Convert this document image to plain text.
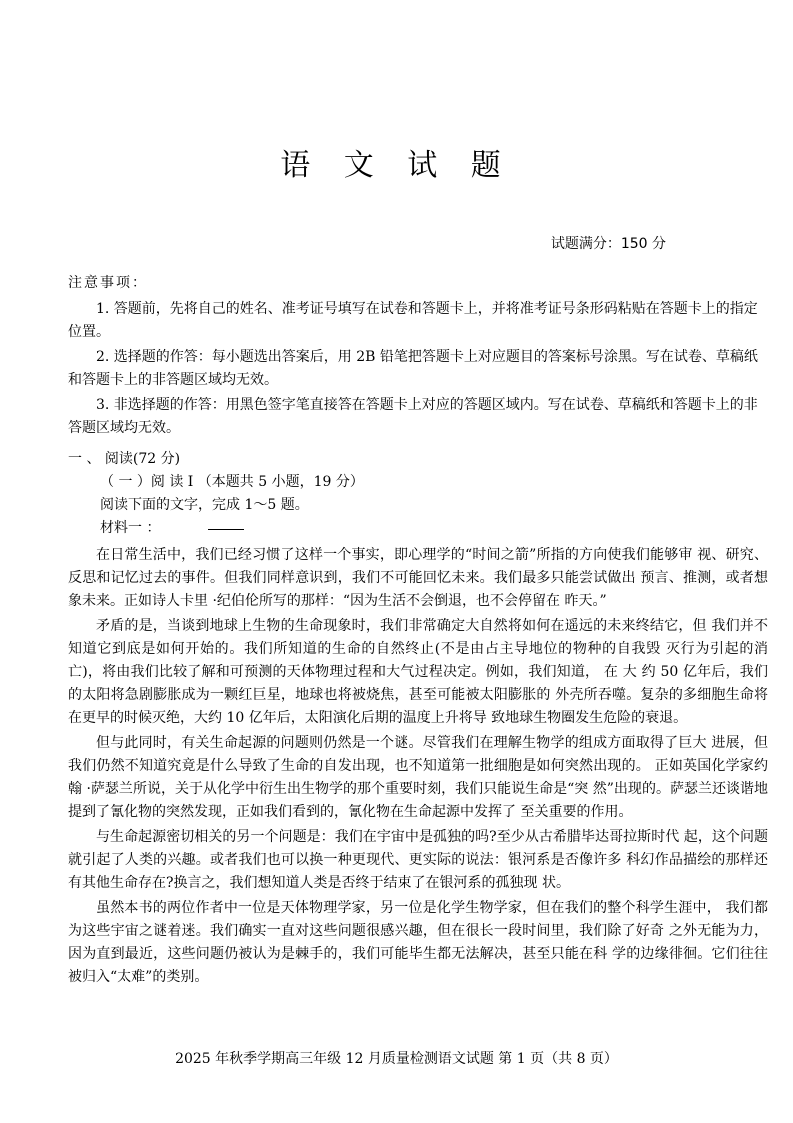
语 文 试 题
试题满分：150 分

注意事项：

1. 答题前，先将自己的姓名、准考证号填写在试卷和答题卡上，并将准考证号条形码粘贴在答题卡上的指定位置。

2. 选择题的作答：每小题选出答案后，用 2B 铅笔把答题卡上对应题目的答案标号涂黑。写在试卷、草稿纸和答题卡上的非答题区域均无效。

3. 非选择题的作答：用黑色签字笔直接答在答题卡上对应的答题区域内。写在试卷、草稿纸和答题卡上的非答题区域均无效。

一 、 阅读(72 分)

（ 一 ）阅 读 I （本题共 5 小题，19 分）

阅读下面的文字，完成 1～5 题。

材料一 ：

在日常生活中，我们已经习惯了这样一个事实，即心理学的“时间之箭”所指的方向使我们能够审 视、研究、反思和记忆过去的事件。但我们同样意识到，我们不可能回忆未来。我们最多只能尝试做出 预言、推测，或者想象未来。正如诗人卡里 ·纪伯伦所写的那样：“因为生活不会倒退，也不会停留在 昨天。”

矛盾的是，当谈到地球上生物的生命现象时，我们非常确定大自然将如何在遥远的未来终结它，但 我们并不知道它到底是如何开始的。我们所知道的生命的自然终止(不是由占主导地位的物种的自我毁 灭行为引起的消亡)，将由我们比较了解和可预测的天体物理过程和大气过程决定。例如，我们知道， 在 大 约 50 亿年后，我们的太阳将急剧膨胀成为一颗红巨星，地球也将被烧焦，甚至可能被太阳膨胀的 外壳所吞噬。复杂的多细胞生命将在更早的时候灭绝，大约 10 亿年后，太阳演化后期的温度上升将导 致地球生物圈发生危险的衰退。

但与此同时，有关生命起源的问题则仍然是一个谜。尽管我们在理解生物学的组成方面取得了巨大 进展，但我们仍然不知道究竟是什么导致了生命的自发出现，也不知道第一批细胞是如何突然出现的。 正如英国化学家约翰 ·萨瑟兰所说，关于从化学中衍生出生物学的那个重要时刻，我们只能说生命是“突 然”出现的。萨瑟兰还谈谐地提到了氰化物的突然发现，正如我们看到的，氰化物在生命起源中发挥了 至关重要的作用。

与生命起源密切相关的另一个问题是：我们在宇宙中是孤独的吗?至少从古希腊毕达哥拉斯时代 起，这个问题就引起了人类的兴趣。或者我们也可以换一种更现代、更实际的说法：银河系是否像许多 科幻作品描绘的那样还有其他生命存在?换言之，我们想知道人类是否终于结束了在银河系的孤独现 状。

虽然本书的两位作者中一位是天体物理学家，另一位是化学生物学家，但在我们的整个科学生涯中， 我们都为这些宇宙之谜着迷。我们确实一直对这些问题很感兴趣，但在很长一段时间里，我们除了好奇 之外无能为力，因为直到最近，这些问题仍被认为是棘手的，我们可能毕生都无法解决，甚至只能在科 学的边缘徘徊。它们往往被归入“太难”的类别。

2025 年秋季学期高三年级 12 月质量检测语文试题 第 1 页（共 8 页）
